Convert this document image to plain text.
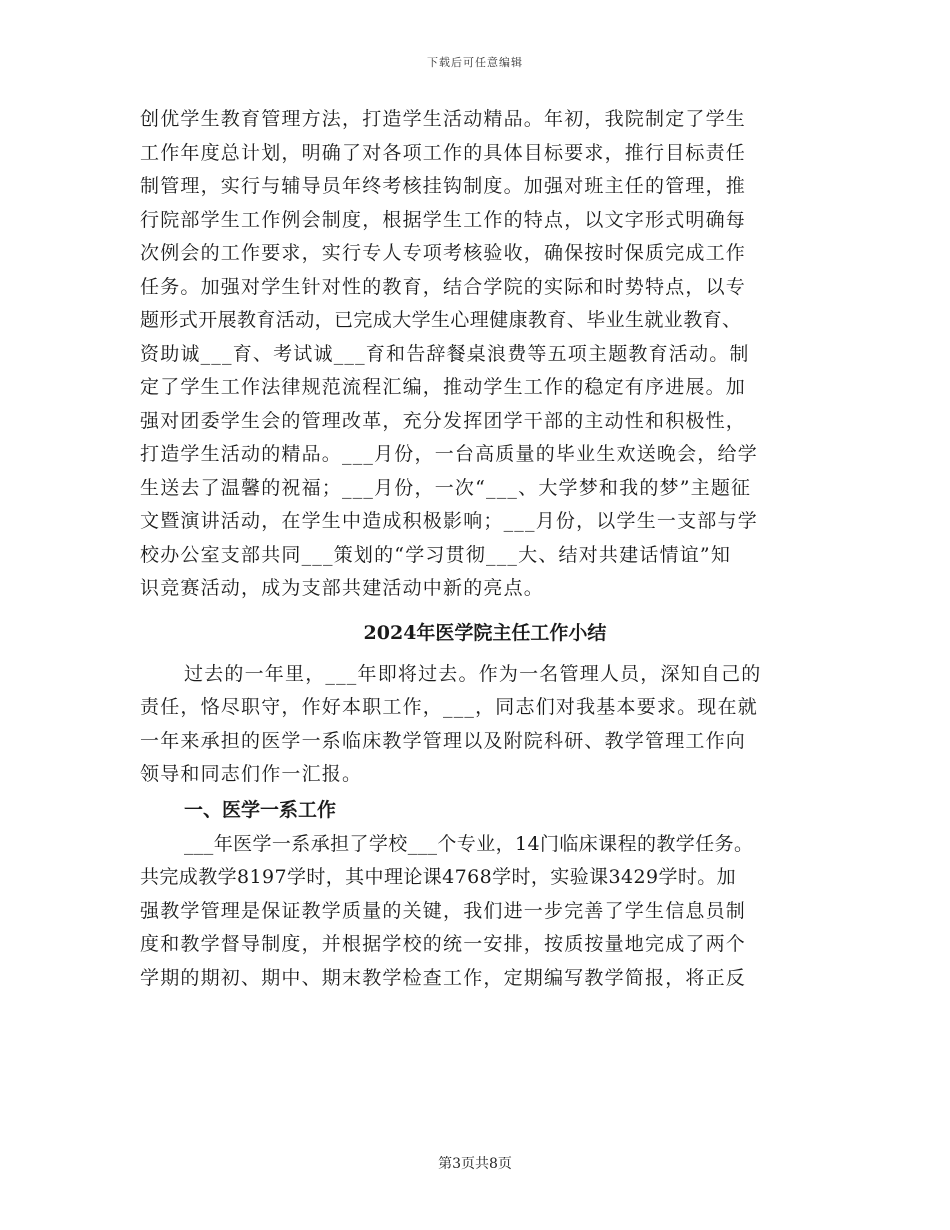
下载后可任意编辑
创优学生教育管理方法，打造学生活动精品。年初，我院制定了学生
工作年度总计划，明确了对各项工作的具体目标要求，推行目标责任
制管理，实行与辅导员年终考核挂钩制度。加强对班主任的管理，推
行院部学生工作例会制度，根据学生工作的特点，以文字形式明确每
次例会的工作要求，实行专人专项考核验收，确保按时保质完成工作
任务。加强对学生针对性的教育，结合学院的实际和时势特点，以专
题形式开展教育活动，已完成大学生心理健康教育、毕业生就业教育、
资助诚___育、考试诚___育和告辞餐桌浪费等五项主题教育活动。制
定了学生工作法律规范流程汇编，推动学生工作的稳定有序进展。加
强对团委学生会的管理改革，充分发挥团学干部的主动性和积极性，
打造学生活动的精品。___月份，一台高质量的毕业生欢送晚会，给学
生送去了温馨的祝福；___月份，一次“___、大学梦和我的梦”主题征
文暨演讲活动，在学生中造成积极影响；___月份，以学生一支部与学
校办公室支部共同___策划的“学习贯彻___大、结对共建话情谊”知
识竞赛活动，成为支部共建活动中新的亮点。
2024年医学院主任工作小结
过去的一年里，___年即将过去。作为一名管理人员，深知自己的
责任，恪尽职守，作好本职工作，___，同志们对我基本要求。现在就
一年来承担的医学一系临床教学管理以及附院科研、教学管理工作向
领导和同志们作一汇报。
一、医学一系工作
___年医学一系承担了学校___个专业，14门临床课程的教学任务。
共完成教学8197学时，其中理论课4768学时，实验课3429学时。加
强教学管理是保证教学质量的关键，我们进一步完善了学生信息员制
度和教学督导制度，并根据学校的统一安排，按质按量地完成了两个
学期的期初、期中、期末教学检查工作，定期编写教学简报，将正反
第3页共8页
